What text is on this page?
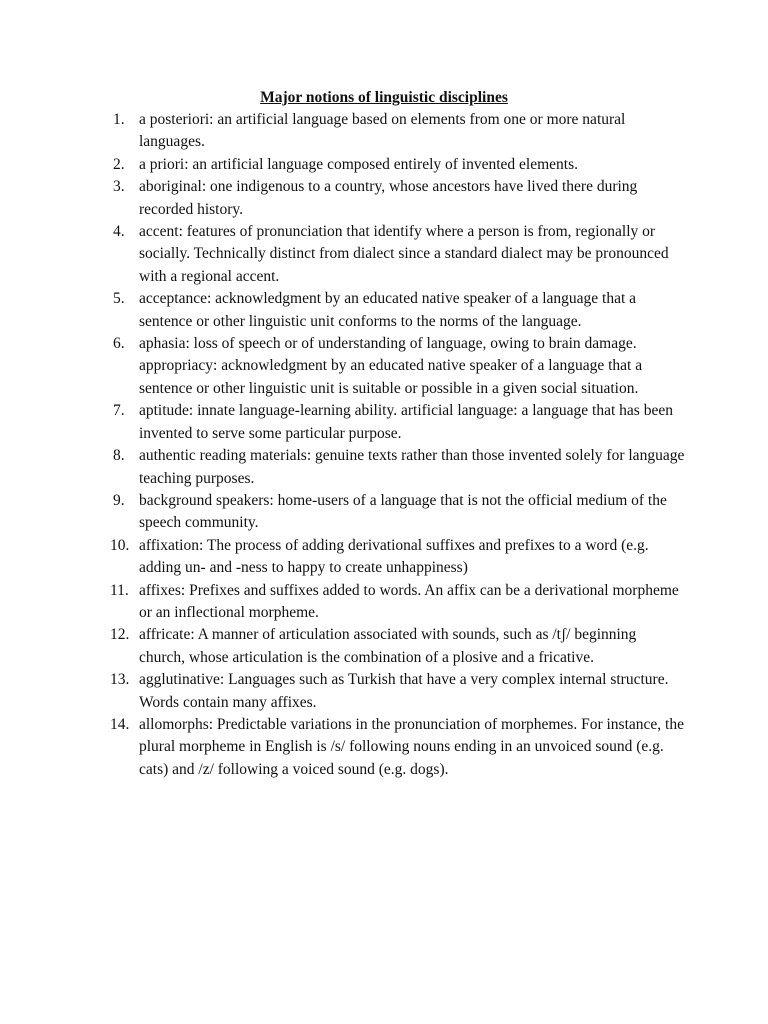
Major notions of linguistic disciplines
1. a posteriori: an artificial language based on elements from one or more natural languages.
2. a priori: an artificial language composed entirely of invented elements.
3. aboriginal: one indigenous to a country, whose ancestors have lived there during recorded history.
4. accent: features of pronunciation that identify where a person is from, regionally or socially. Technically distinct from dialect since a standard dialect may be pronounced with a regional accent.
5. acceptance: acknowledgment by an educated native speaker of a language that a sentence or other linguistic unit conforms to the norms of the language.
6. aphasia: loss of speech or of understanding of language, owing to brain damage. appropriacy: acknowledgment by an educated native speaker of a language that a sentence or other linguistic unit is suitable or possible in a given social situation.
7. aptitude: innate language-learning ability. artificial language: a language that has been invented to serve some particular purpose.
8. authentic reading materials: genuine texts rather than those invented solely for language teaching purposes.
9. background speakers: home-users of a language that is not the official medium of the speech community.
10. affixation: The process of adding derivational suffixes and prefixes to a word (e.g. adding un- and -ness to happy to create unhappiness)
11. affixes: Prefixes and suffixes added to words. An affix can be a derivational morpheme or an inflectional morpheme.
12. affricate: A manner of articulation associated with sounds, such as /tʃ/ beginning church, whose articulation is the combination of a plosive and a fricative.
13. agglutinative: Languages such as Turkish that have a very complex internal structure. Words contain many affixes.
14. allomorphs: Predictable variations in the pronunciation of morphemes. For instance, the plural morpheme in English is /s/ following nouns ending in an unvoiced sound (e.g. cats) and /z/ following a voiced sound (e.g. dogs).
